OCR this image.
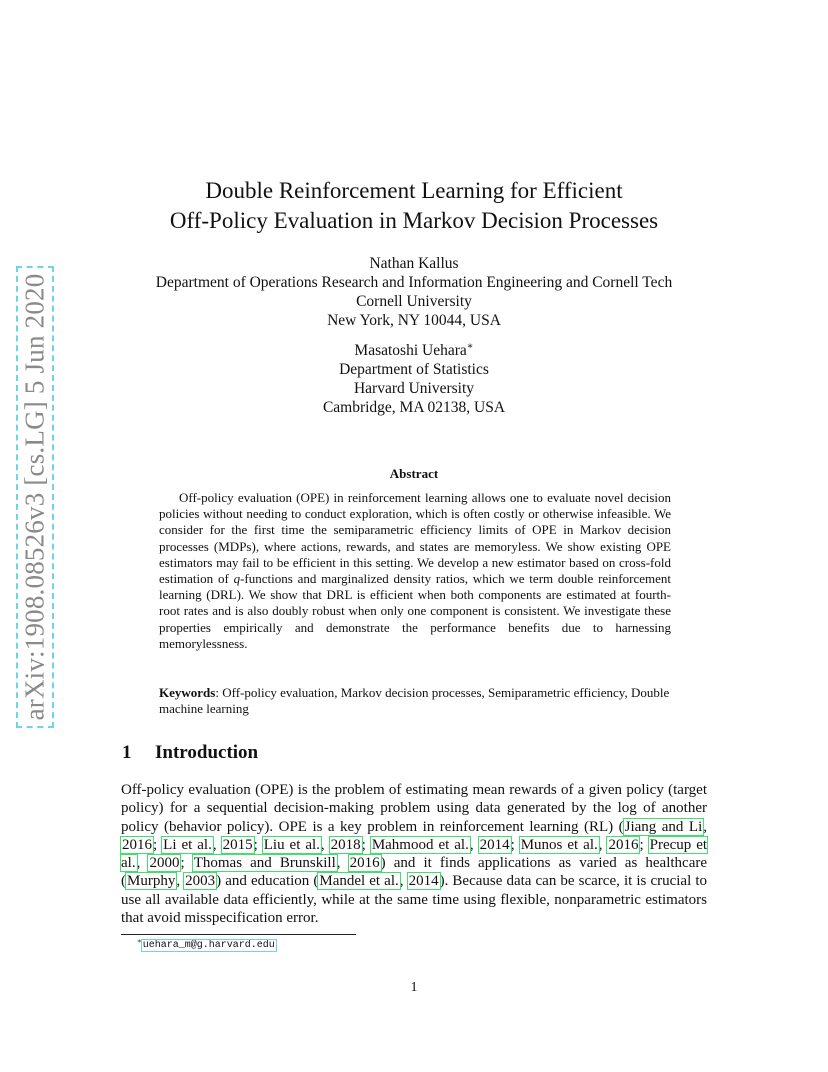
arXiv:1908.08526v3 [cs.LG] 5 Jun 2020
Double Reinforcement Learning for Efficient
Off-Policy Evaluation in Markov Decision Processes
Nathan Kallus
Department of Operations Research and Information Engineering and Cornell Tech
Cornell University
New York, NY 10044, USA
Masatoshi Uehara∗
Department of Statistics
Harvard University
Cambridge, MA 02138, USA
Abstract

Off-policy evaluation (OPE) in reinforcement learning allows one to evaluate novel decision policies without needing to conduct exploration, which is often costly or otherwise infeasible. We consider for the first time the semiparametric efficiency limits of OPE in Markov decision processes (MDPs), where actions, rewards, and states are memoryless. We show existing OPE estimators may fail to be efficient in this setting. We develop a new estimator based on cross-fold estimation of q-functions and marginalized density ratios, which we term double reinforcement learning (DRL). We show that DRL is efficient when both components are estimated at fourth-root rates and is also doubly robust when only one component is consistent. We investigate these properties empirically and demonstrate the performance benefits due to harnessing memorylessness.

Keywords: Off-policy evaluation, Markov decision processes, Semiparametric efficiency, Double machine learning
1 Introduction

Off-policy evaluation (OPE) is the problem of estimating mean rewards of a given policy (target policy) for a sequential decision-making problem using data generated by the log of another policy (behavior policy). OPE is a key problem in reinforcement learning (RL) (Jiang and Li, 2016; Li et al., 2015; Liu et al., 2018; Mahmood et al., 2014; Munos et al., 2016; Precup et al., 2000; Thomas and Brunskill, 2016) and it finds applications as varied as healthcare (Murphy, 2003) and education (Mandel et al., 2014). Because data can be scarce, it is crucial to use all available data efficiently, while at the same time using flexible, nonparametric estimators that avoid misspecification error.

∗uehara_m@g.harvard.edu
1
